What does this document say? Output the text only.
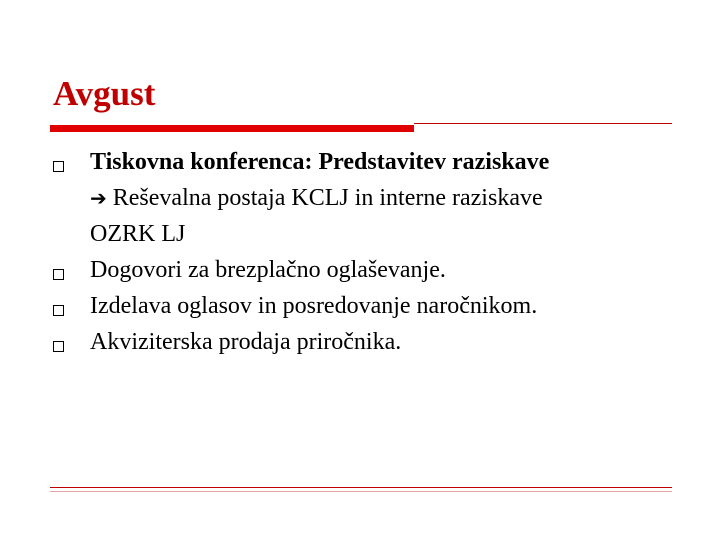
Avgust
Tiskovna konferenca: Predstavitev raziskave
➔ Reševalna postaja KCLJ in interne raziskave
OZRK LJ
Dogovori za brezplačno oglaševanje.
Izdelava oglasov in posredovanje naročnikom.
Akviziterska prodaja priročnika.
